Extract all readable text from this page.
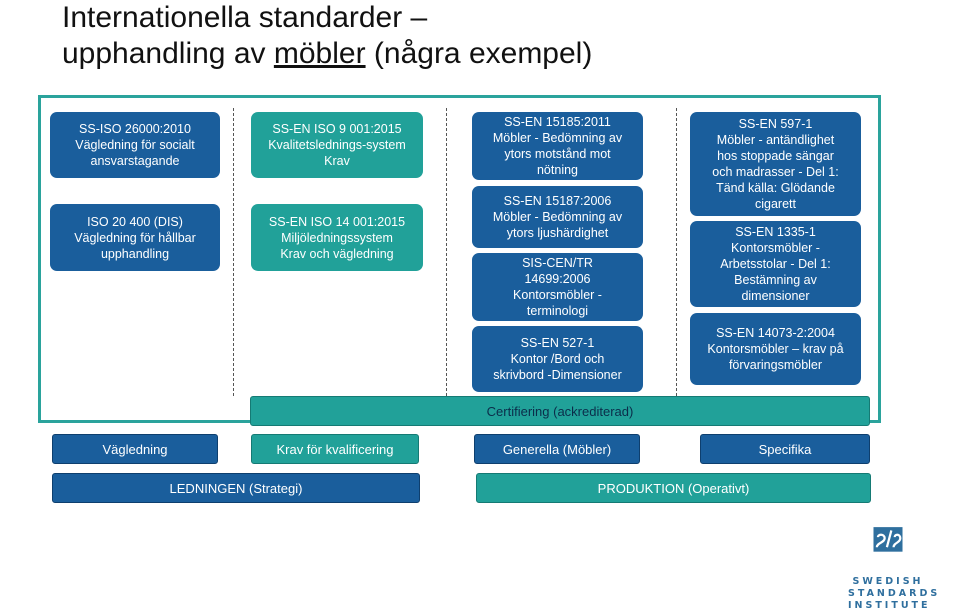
Internationella standarder –
upphandling av möbler (några exempel)
SS-ISO 26000:2010
Vägledning för socialt
ansvarstagande
ISO 20 400 (DIS)
Vägledning för hållbar
upphandling
SS-EN ISO 9 001:2015
Kvalitetslednings-system
Krav
SS-EN ISO 14 001:2015
Miljöledningssystem
Krav och vägledning
SS-EN 15185:2011
Möbler - Bedömning av
ytors motstånd mot
nötning
SS-EN 15187:2006
Möbler - Bedömning av
ytors ljushärdighet
SIS-CEN/TR
14699:2006
Kontorsmöbler -
terminologi
SS-EN 527-1
Kontor /Bord och
skrivbord -Dimensioner
SS-EN 597-1
Möbler - antändlighet
hos stoppade sängar
och madrasser - Del 1:
Tänd källa: Glödande
cigarett
SS-EN 1335-1
Kontorsmöbler -
Arbetsstolar - Del 1:
Bestämning av
dimensioner
SS-EN 14073-2:2004
Kontorsmöbler – krav på
förvaringsmöbler
Certifiering (ackrediterad)
Vägledning	Krav för kvalificering	Generella (Möbler)	Specifika
LEDNINGEN (Strategi)	PRODUKTION (Operativt)
SWEDISH
STANDARDS
INSTITUTE
